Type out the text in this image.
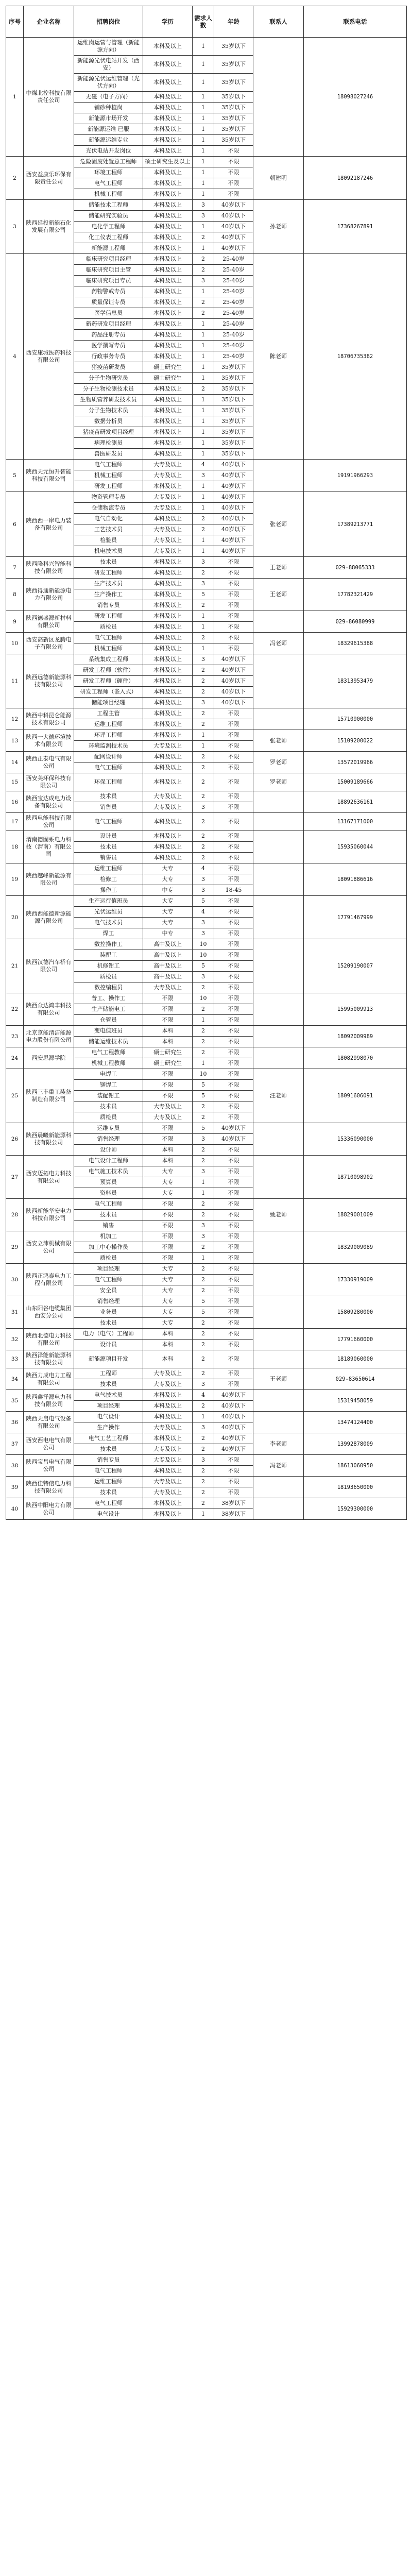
序号	企业名称	招聘岗位	学历	需求人数	年龄	联系人	联系电话
1	中煤北控科技有限责任公司	运维岗运营与管理（新能源方向）	本科及以上	1	35岁以下		18098027246
		新能源光伏电站开发（西安）	本科及以上	1	35岁以下		
		新能源光伏运维管理（光伏方向）	本科及以上	1	35岁以下		
		无磁（电子方向）	本科及以上	1	35岁以下		
		铺砂种植岗	本科及以上	1	35岁以下		
		新能源市场开发	本科及以上	1	35岁以下		
		新能源运维 已服	本科及以上	1	35岁以下		
		新能源运维专业	本科及以上	1	35岁以下		
		光伏电站开发岗位	本科及以上	1	不限		
2	西安益康乐环保有限责任公司	危险固废处置总工程师	硕士研究生及以上	1	不限	朝建明	18092187246
		环境工程师	本科及以上	1	不限		
		电气工程师	本科及以上	1	不限		
		机械工程师	本科及以上	1	不限		
3	陕西延投新能石化发展有限公司	储能技术工程师	本科及以上	3	40岁以下	孙老师	17368267891
		储能研究实验员	本科及以上	3	40岁以下		
		电化学工程师	本科及以上	1	40岁以下		
		化工仪表工程师	本科及以上	2	40岁以下		
		新能源工程师	本科及以上	1	40岁以下		
4	西安康城医药科技有限公司	临床研究项目经理	本科及以上	2	25-40岁	陈老师	18706735382
		临床研究项目主管	本科及以上	2	25-40岁		
		临床研究项目专员	本科及以上	3	25-40岁		
		药物警戒专员	本科及以上	1	25-40岁		
		质量保证专员	本科及以上	2	25-40岁		
		医学信息员	本科及以上	2	25-40岁		
		新药研发项目经理	本科及以上	1	25-40岁		
		药品注册专员	本科及以上	1	25-40岁		
		医学撰写专员	本科及以上	1	25-40岁		
		行政事务专员	本科及以上	1	25-40岁		
		猪疫苗研发员	硕士研究生	1	35岁以下		
		分子生物研究员	硕士研究生	1	35岁以下		
		分子生物检测技术员	本科及以上	2	35岁以下		
		生物质营养研发技术员	本科及以上	1	35岁以下		
		分子生物技术员	本科及以上	1	35岁以下		
		数据分析员	本科及以上	1	35岁以下		
		猪疫苗研发项目经理	本科及以上	1	35岁以下		
		病理检测员	本科及以上	1	35岁以下		
		兽医研发员	本科及以上	1	35岁以下		
5	陕西天元恒升智能科技有限公司	电气工程师	大专及以上	4	40岁以下		19191966293
		机械工程师	大专及以上	3	40岁以下		
		研发工程师	本科及以上	1	40岁以下		
6	陕西西一岸电力装备有限公司	物资管理专员	大专及以上	1	40岁以下	张老师	17389213771
		仓储物流专员	大专及以上	1	40岁以下		
		电气自动化	本科及以上	2	40岁以下		
		工艺技术员	大专及以上	2	40岁以下		
		检验员	大专及以上	1	40岁以下		
		机电技术员	大专及以上	1	40岁以下		
7	陕西隆科兴智能科技有限公司	技术员	本科及以上	3	不限	王老师	029-88065333
		研发工程师	本科及以上	2	不限		
8	陕西得通新能源电力有限公司	生产技术员	本科及以上	3	不限	王老师	17782321429
		生产操作工	本科及以上	5	不限		
		销售专员	本科及以上	2	不限		
9	陕西德盛源新材料有限公司	研发工程师	本科及以上	1	不限		029-86080999
		质检员	本科及以上	1	不限		
10	西安高新区龙腾电子有限公司	电气工程师	本科及以上	2	不限	冯老师	18329615388
		机械工程师	本科及以上	1	不限		
11	陕西远德新能源科技有限公司	系统集成工程师	本科及以上	3	40岁以下		18313953479
		研发工程师（软件）	本科及以上	2	40岁以下		
		研发工程师（硬件）	本科及以上	2	40岁以下		
		研发工程师（嵌入式）	本科及以上	2	40岁以下		
		储能项目经理	本科及以上	3	40岁以下		
12	陕西中科昆仑能源技术有限公司	工程主管	本科及以上	2	不限		15710900000
		运维工程师	本科及以上	2	不限		
13	陕西一大德环境技术有限公司	环评工程师	本科及以上	1	不限	张老师	15109200022
		环境监测技术员	大专及以上	1	不限		
14	陕西正泰电气有限公司	配网设计师	本科及以上	2	不限	罗老师	13572019966
		电气工程师	本科及以上	2	不限		
15	西安美环保科技有限公司	环保工程师	本科及以上	2	不限	罗老师	15009189666
16	陕西宝达成电力设备有限公司	技术员	大专及以上	2	不限		18892636161
		销售员	大专及以上	3	不限		
17	陕西电能科技有限公司	电气工程师	本科及以上	2	不限		13167171000
18	渭南德固系电力科技（渭南）有限公司	设计员	本科及以上	2	不限		15935060044
		技术员	本科及以上	2	不限		
		销售员	本科及以上	2	不限		
19	陕西越峰新能源有限公司	运维工程师	大专	4	不限		18091886616
		检修工	大专	3	不限		
		操作工	中专	3	18-45		
20	陕西西能德新源能源有限公司	生产运行值班员	大专	5	不限		17791467999
		光伏运维员	大专	4	不限		
		电气技术员	大专	3	不限		
		焊工	中专	3	不限		
21	陕西汉德汽车桥有限公司	数控操作工	高中及以上	10	不限		15209190007
		装配工	高中及以上	10	不限		
		机修钳工	高中及以上	5	不限		
		质检员	高中及以上	3	不限		
		数控编程员	大专及以上	2	不限		
22	陕西众达鸿丰科技有限公司	普工、操作工	不限	10	不限		15995009913
		生产储能电工	不限	2	不限		
		仓管员	不限	1	不限		
23	北京京能清洁能源电力股份有限公司	变电值班员	本科	2	不限		18092009989
		储能运维技术员	本科	2	不限		
24	西安思源学院	电气工程教师	硕士研究生	2	不限		18082998070
		机械工程教师	硕士研究生	1	不限		
25	陕西三丰重工装备制造有限公司	电焊工	不限	10	不限	汪老师	18091606091
		铆焊工	不限	5	不限		
		装配钳工	不限	5	不限		
		技术员	大专及以上	2	不限		
		质检员	大专及以上	2	不限		
26	陕西晨曦新能源科技有限公司	运维专员	不限	5	40岁以下		15336090000
		销售经理	不限	3	40岁以下		
		设计师	本科	2	不限		
27	西安迈拓电力科技有限公司	电气设计工程师	本科	2	不限		18710098902
		电气施工技术员	大专	3	不限		
		预算员	大专	1	不限		
		资料员	大专	1	不限		
28	陕西新能华安电力科技有限公司	电气工程师	不限	2	不限	姚老师	18829001009
		技术员	不限	2	不限		
		销售	不限	3	不限		
29	西安立沛机械有限公司	机加工	不限	3	不限		18329009089
		加工中心操作员	不限	2	不限		
		质检员	不限	1	不限		
30	陕西正鸿泰电力工程有限公司	项目经理	大专	2	不限		17330919009
		电气工程师	大专	2	不限		
		安全员	大专	2	不限		
31	山东阳谷电缆集团西安分公司	销售经理	大专	5	不限		15809280000
		业务员	大专	5	不限		
		技术员	大专	2	不限		
32	陕西北德电力科技有限公司	电力（电气）工程师	本科	2	不限		17791660000
		设计员	本科	2	不限		
33	陕西泽能新能源科技有限公司	新能源项目开发	本科	2	不限		18189060000
34	陕西力成电力工程有限公司	工程师	大专及以上	2	不限	王老师	029-83650614
		技术员	大专及以上	3	不限		
35	陕西鑫泽源电力科技有限公司	电气技术员	本科及以上	4	40岁以下		15319458059
		项目经理	本科及以上	2	40岁以下		
36	陕西天启电气设备有限公司	电气设计	本科及以上	1	40岁以下		13474124400
		生产操作	大专及以上	3	40岁以下		
37	西安西电电气有限公司	电气工艺工程师	本科及以上	2	40岁以下	李老师	13992878009
		技术员	大专及以上	2	40岁以下		
38	陕西宝昌电气有限公司	销售专员	大专及以上	3	不限	冯老师	18613060950
		电气工程师	本科及以上	2	不限		
39	陕西佳特信电力科技有限公司	运维工程师	大专及以上	2	不限		18193650000
		技术员	大专及以上	2	不限		
40	陕西中阳电力有限公司	电气工程师	本科及以上	2	38岁以下		15929300000
		电气设计	本科及以上	1	38岁以下		
